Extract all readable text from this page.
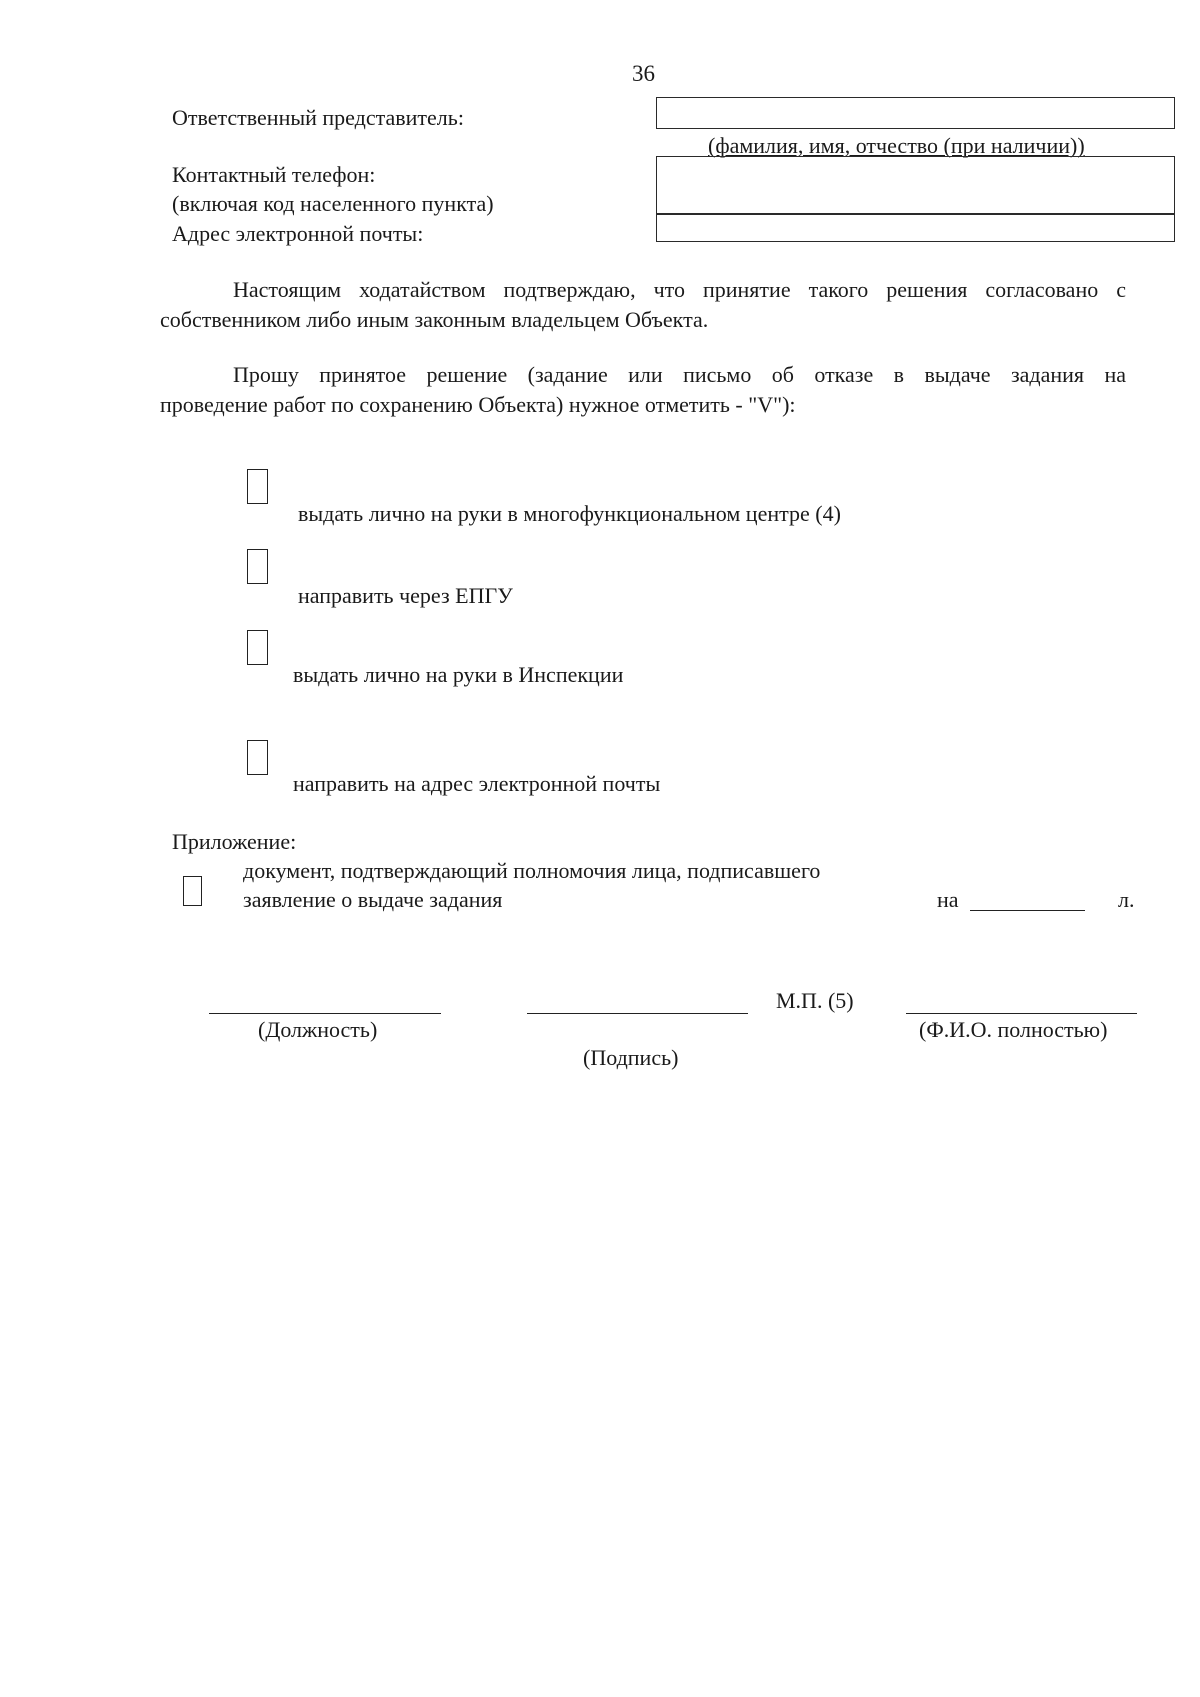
36
Ответственный представитель:
(фамилия, имя, отчество (при наличии))
Контактный телефон:
(включая код населенного пункта)
Адрес электронной почты:
Настоящим ходатайством подтверждаю, что принятие такого решения согласовано с
собственником либо иным законным владельцем Объекта.
Прошу принятое решение (задание или письмо об отказе в выдаче задания на
проведение работ по сохранению Объекта) нужное отметить - "V"):
выдать лично на руки в многофункциональном центре (4)
направить через ЕПГУ
выдать лично на руки в Инспекции
направить на адрес электронной почты
Приложение:
документ, подтверждающий полномочия лица, подписавшего
заявление о выдаче задания	на	л.
(Должность)
(Подпись)
М.П. (5)
(Ф.И.О. полностью)
